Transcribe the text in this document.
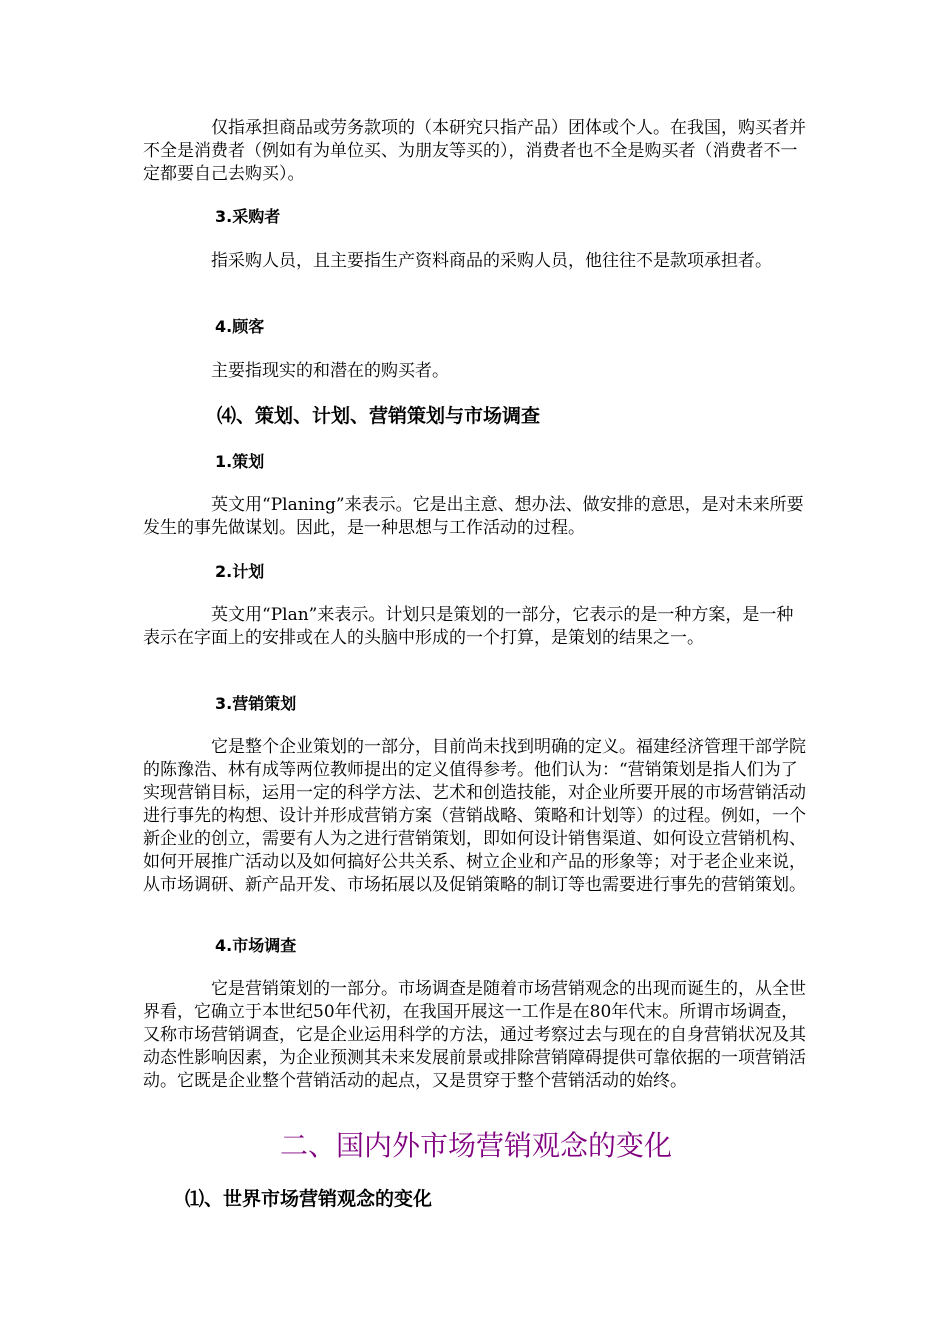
仅指承担商品或劳务款项的（本研究只指产品）团体或个人。在我国，购买者并不全是消费者（例如有为单位买、为朋友等买的），消费者也不全是购买者（消费者不一定都要自己去购买）。

3.采购者

指采购人员，且主要指生产资料商品的采购人员，他往往不是款项承担者。

4.顾客

主要指现实的和潜在的购买者。

⑷、策划、计划、营销策划与市场调查
1.策划

英文用“Planing”来表示。它是出主意、想办法、做安排的意思，是对未来所要发生的事先做谋划。因此，是一种思想与工作活动的过程。

2.计划

英文用“Plan”来表示。计划只是策划的一部分，它表示的是一种方案，是一种表示在字面上的安排或在人的头脑中形成的一个打算，是策划的结果之一。

3.营销策划

它是整个企业策划的一部分，目前尚未找到明确的定义。福建经济管理干部学院的陈豫浩、林有成等两位教师提出的定义值得参考。他们认为：“营销策划是指人们为了实现营销目标，运用一定的科学方法、艺术和创造技能，对企业所要开展的市场营销活动进行事先的构想、设计并形成营销方案（营销战略、策略和计划等）的过程。例如，一个新企业的创立，需要有人为之进行营销策划，即如何设计销售渠道、如何设立营销机构、如何开展推广活动以及如何搞好公共关系、树立企业和产品的形象等；对于老企业来说，从市场调研、新产品开发、市场拓展以及促销策略的制订等也需要进行事先的营销策划。

4.市场调查

它是营销策划的一部分。市场调查是随着市场营销观念的出现而诞生的，从全世界看，它确立于本世纪50年代初，在我国开展这一工作是在80年代末。所谓市场调查，又称市场营销调查，它是企业运用科学的方法，通过考察过去与现在的自身营销状况及其动态性影响因素，为企业预测其未来发展前景或排除营销障碍提供可靠依据的一项营销活动。它既是企业整个营销活动的起点，又是贯穿于整个营销活动的始终。

二、国内外市场营销观念的变化
⑴、世界市场营销观念的变化
